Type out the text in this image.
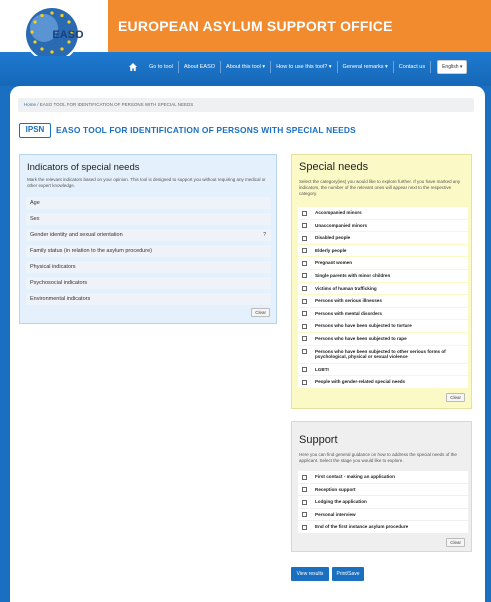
EUROPEAN ASYLUM SUPPORT OFFICE
EASO
Go to tool	About EASO	About this tool ▾	How to use this tool? ▾	General remarks ▾	Contact us	English ▾
Home / EASO TOOL FOR IDENTIFICATION OF PERSONS WITH SPECIAL NEEDS
IPSN	EASO TOOL FOR IDENTIFICATION OF PERSONS WITH SPECIAL NEEDS
Indicators of special needs
Mark the relevant indicators based on your opinion. This tool is designed to support you without requiring any medical or other expert knowledge.
Age
Sex
Gender identity and sexual orientation	?
Family status (in relation to the asylum procedure)
Physical indicators
Psychosocial indicators
Environmental indicators
Clear
Special needs
Select the category(ies) you would like to explore further. If you have marked any indicators, the number of the relevant ones will appear next to the respective category.
Accompanied minors
Unaccompanied minors
Disabled people
Elderly people
Pregnant women
Single parents with minor children
Victims of human trafficking
Persons with serious illnesses
Persons with mental disorders
Persons who have been subjected to torture
Persons who have been subjected to rape
Persons who have been subjected to other serious forms of psychological, physical or sexual violence
LGBTI
People with gender-related special needs
Clear
Support
Here you can find general guidance on how to address the special needs of the applicant. Select the stage you would like to explore.
First contact - making an application
Reception support
Lodging the application
Personal interview
End of the first instance asylum procedure
Clear
View results	Print/Save
